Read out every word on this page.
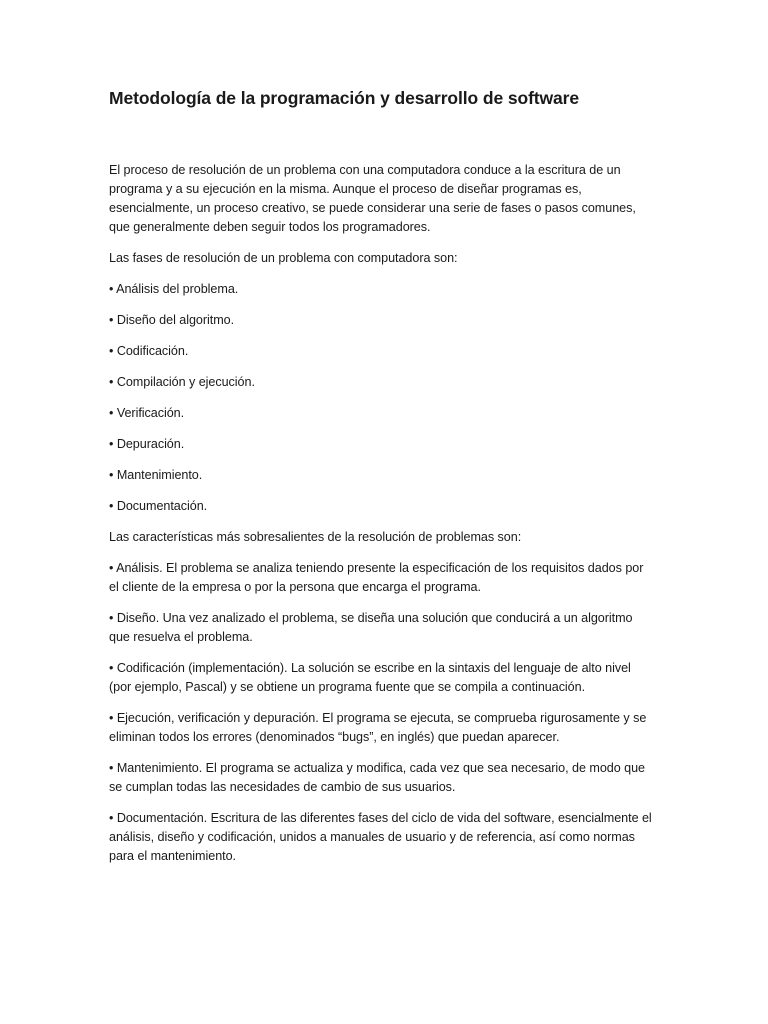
Metodología de la programación y desarrollo de software

El proceso de resolución de un problema con una computadora conduce a la escritura de un programa y a su ejecución en la misma. Aunque el proceso de diseñar programas es, esencialmente, un proceso creativo, se puede considerar una serie de fases o pasos comunes, que generalmente deben seguir todos los programadores.

Las fases de resolución de un problema con computadora son:

• Análisis del problema.

• Diseño del algoritmo.

• Codificación.

• Compilación y ejecución.

• Verificación.

• Depuración.

• Mantenimiento.

• Documentación.

Las características más sobresalientes de la resolución de problemas son:

• Análisis. El problema se analiza teniendo presente la especificación de los requisitos dados por el cliente de la empresa o por la persona que encarga el programa.

• Diseño. Una vez analizado el problema, se diseña una solución que conducirá a un algoritmo que resuelva el problema.

• Codificación (implementación). La solución se escribe en la sintaxis del lenguaje de alto nivel (por ejemplo, Pascal) y se obtiene un programa fuente que se compila a continuación.

• Ejecución, verificación y depuración. El programa se ejecuta, se comprueba rigurosamente y se eliminan todos los errores (denominados “bugs”, en inglés) que puedan aparecer.

• Mantenimiento. El programa se actualiza y modifica, cada vez que sea necesario, de modo que se cumplan todas las necesidades de cambio de sus usuarios.

• Documentación. Escritura de las diferentes fases del ciclo de vida del software, esencialmente el análisis, diseño y codificación, unidos a manuales de usuario y de referencia, así como normas para el mantenimiento.
